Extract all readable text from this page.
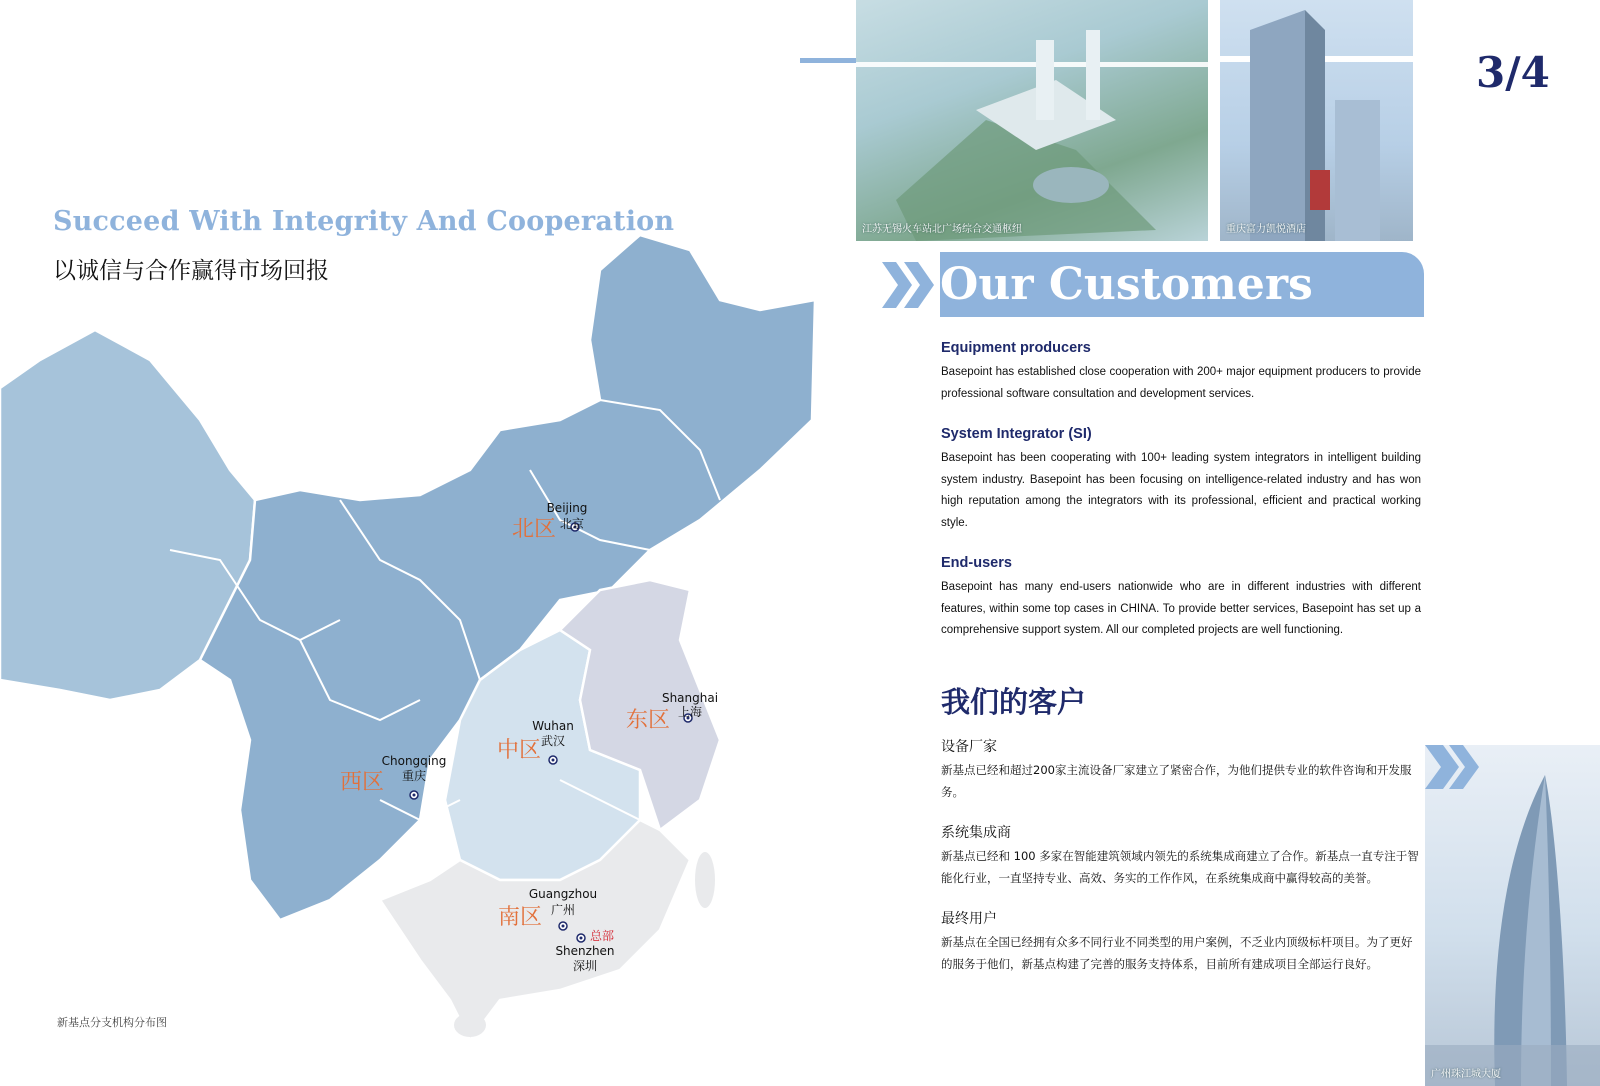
Succeed With Integrity And Cooperation
以诚信与合作赢得市场回报
Beijing
北京
Shanghai
上海
Wuhan
武汉
Chongqing
重庆
Guangzhou
广州
总部
Shenzhen
深圳
北区
东区
中区
西区
南区
新基点分支机构分布图
江苏无锡火车站北广场综合交通枢纽	重庆富力凯悦酒店
3/4
Our Customers
Equipment producers

Basepoint has established close cooperation with 200+ major equipment producers to provide professional software consultation and development services.

System Integrator (SI)

Basepoint has been cooperating with 100+ leading system integrators in intelligent building system industry. Basepoint has been focusing on intelligence-related industry and has won high reputation among the integrators with its professional, efficient and practical working style.

End-users

Basepoint has many end-users nationwide who are in different industries with different features, within some top cases in CHINA. To provide better services, Basepoint has set up a comprehensive support system. All our completed projects are well functioning.

我们的客户
设备厂家

新基点已经和超过200家主流设备厂家建立了紧密合作，为他们提供专业的软件咨询和开发服务。

系统集成商

新基点已经和 100 多家在智能建筑领域内领先的系统集成商建立了合作。新基点一直专注于智能化行业，一直坚持专业、高效、务实的工作作风，在系统集成商中赢得较高的美誉。

最终用户

新基点在全国已经拥有众多不同行业不同类型的用户案例，不乏业内顶级标杆项目。为了更好的服务于他们，新基点构建了完善的服务支持体系，目前所有建成项目全部运行良好。

广州珠江城大厦
